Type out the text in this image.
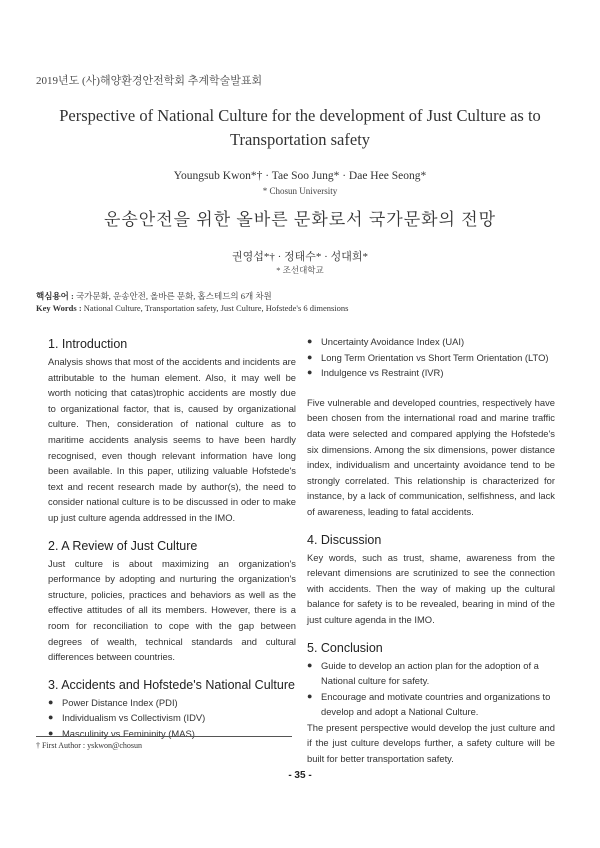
2019년도 (사)해양환경안전학회 추계학술발표회
Perspective of National Culture for the development of Just Culture as to
Transportation safety
Youngsub Kwon*† · Tae Soo Jung* · Dae Hee Seong*
* Chosun University
운송안전을 위한 올바른 문화로서 국가문화의 전망
권영섭*† · 정태수* · 성대희*
* 조선대학교
핵심용어 : 국가문화, 운송안전, 올바른 문화, 홉스테드의 6개 차원
Key Words : National Culture, Transportation safety, Just Culture, Hofstede's 6 dimensions
1. Introduction

Analysis shows that most of the accidents and incidents are attributable to the human element. Also, it may well be worth noticing that catas)trophic accidents are mostly due to organizational factor, that is, caused by organizational culture. Then, consideration of national culture as to maritime accidents analysis seems to have been hardly recognised, even though relevant information have long been available. In this paper, utilizing valuable Hofstede's text and recent research made by author(s), the need to consider national culture is to be discussed in oder to make up just culture agenda addressed in the IMO.

2. A Review of Just Culture

Just culture is about maximizing an organization's performance by adopting and nurturing the organization's structure, policies, practices and behaviors as well as the effective attitudes of all its members. However, there is a room for reconciliation to cope with the gap between degrees of wealth, technical standards and cultural differences between countries.

3. Accidents and Hofstede's National Culture
● Power Distance Index (PDI)
● Individualism vs Collectivism (IDV)
● Masculinity vs Femininity (MAS)
● Uncertainty Avoidance Index (UAI)
● Long Term Orientation vs Short Term Orientation (LTO)
● Indulgence vs Restraint (IVR)

Five vulnerable and developed countries, respectively have been chosen from the international road and marine traffic data were selected and compared applying the Hofstede's six dimensions. Among the six dimensions, power distance index, individualism and uncertainty avoidance tend to be strongly correlated. This relationship is characterized for instance, by a lack of communication, selfishness, and lack of awareness, leading to fatal accidents.

4. Discussion

Key words, such as trust, shame, awareness from the relevant dimensions are scrutinized to see the connection with accidents. Then the way of making up the cultural balance for safety is to be revealed, bearing in mind of the just culture agenda in the IMO.

5. Conclusion
● Guide to develop an action plan for the adoption of a National culture for safety.
● Encourage and motivate countries and organizations to develop and adopt a National Culture.

The present perspective would develop the just culture and if the just culture develops further, a safety culture will be built for better transportation safety.

† First Author : yskwon@chosun
- 35 -
